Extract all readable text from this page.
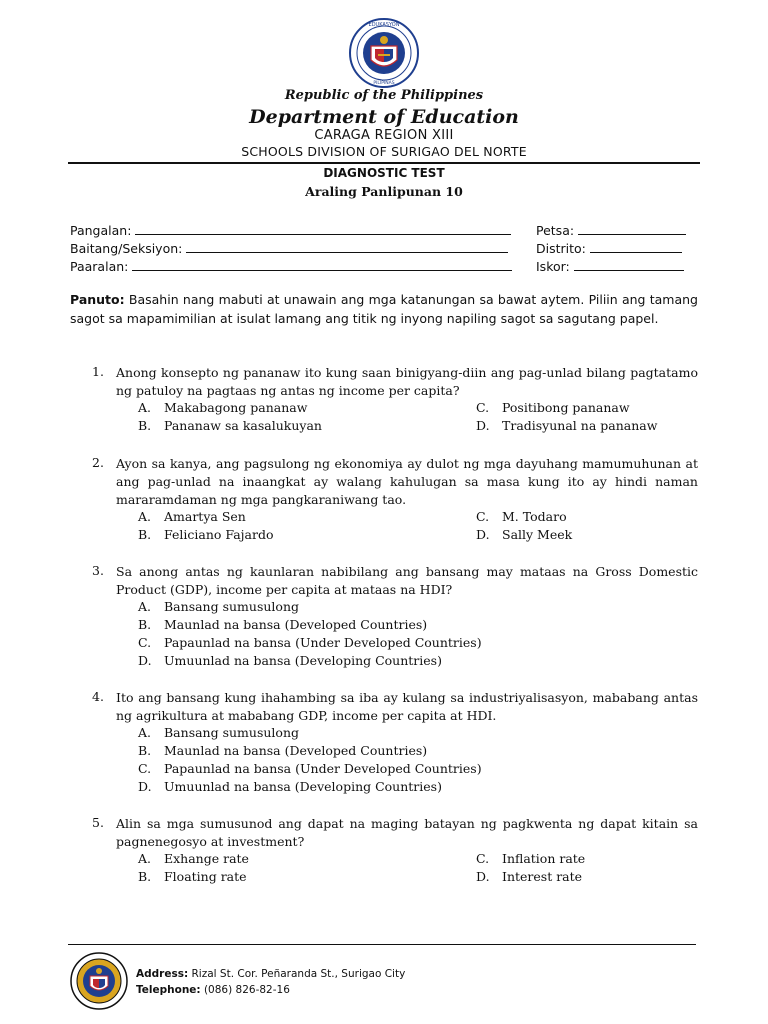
EDUKASYON
PILIPINAS
Republic of the Philippines
Department of Education
CARAGA REGION XIII
SCHOOLS DIVISION OF SURIGAO DEL NORTE
DIAGNOSTIC TEST
Araling Panlipunan 10
Pangalan:	Petsa:
Baitang/Seksiyon:	Distrito:
Paaralan:	Iskor:
Panuto: Basahin nang mabuti at unawain ang mga katanungan sa bawat aytem. Piliin ang tamang sagot sa mapamimilian at isulat lamang ang titik ng inyong napiling sagot sa sagutang papel.
1. Anong konsepto ng pananaw ito kung saan binigyang-diin ang pag-unlad bilang pagtatamo ng patuloy na pagtaas ng antas ng income per capita?
A. Makabagong pananaw	C. Positibong pananaw
B. Pananaw sa kasalukuyan	D. Tradisyunal na pananaw
2. Ayon sa kanya, ang pagsulong ng ekonomiya ay dulot ng mga dayuhang mamumuhunan at ang pag-unlad na inaangkat ay walang kahulugan sa masa kung ito ay hindi naman mararamdaman ng mga pangkaraniwang tao.
A. Amartya Sen	C. M. Todaro
B. Feliciano Fajardo	D. Sally Meek
3. Sa anong antas ng kaunlaran nabibilang ang bansang may mataas na Gross Domestic Product (GDP), income per capita at mataas na HDI?
A. Bansang sumusulong
B. Maunlad na bansa (Developed Countries)
C. Papaunlad na bansa (Under Developed Countries)
D. Umuunlad na bansa (Developing Countries)
4. Ito ang bansang kung ihahambing sa iba ay kulang sa industriyalisasyon, mababang antas ng agrikultura at mababang GDP, income per capita at HDI.
A. Bansang sumusulong
B. Maunlad na bansa (Developed Countries)
C. Papaunlad na bansa (Under Developed Countries)
D. Umuunlad na bansa (Developing Countries)
5. Alin sa mga sumusunod ang dapat na maging batayan ng pagkwenta ng dapat kitain sa pagnenegosyo at investment?
A. Exhange rate	C. Inflation rate
B. Floating rate	D. Interest rate
Address: Rizal St. Cor. Peñaranda St., Surigao City
Telephone: (086) 826-82-16
